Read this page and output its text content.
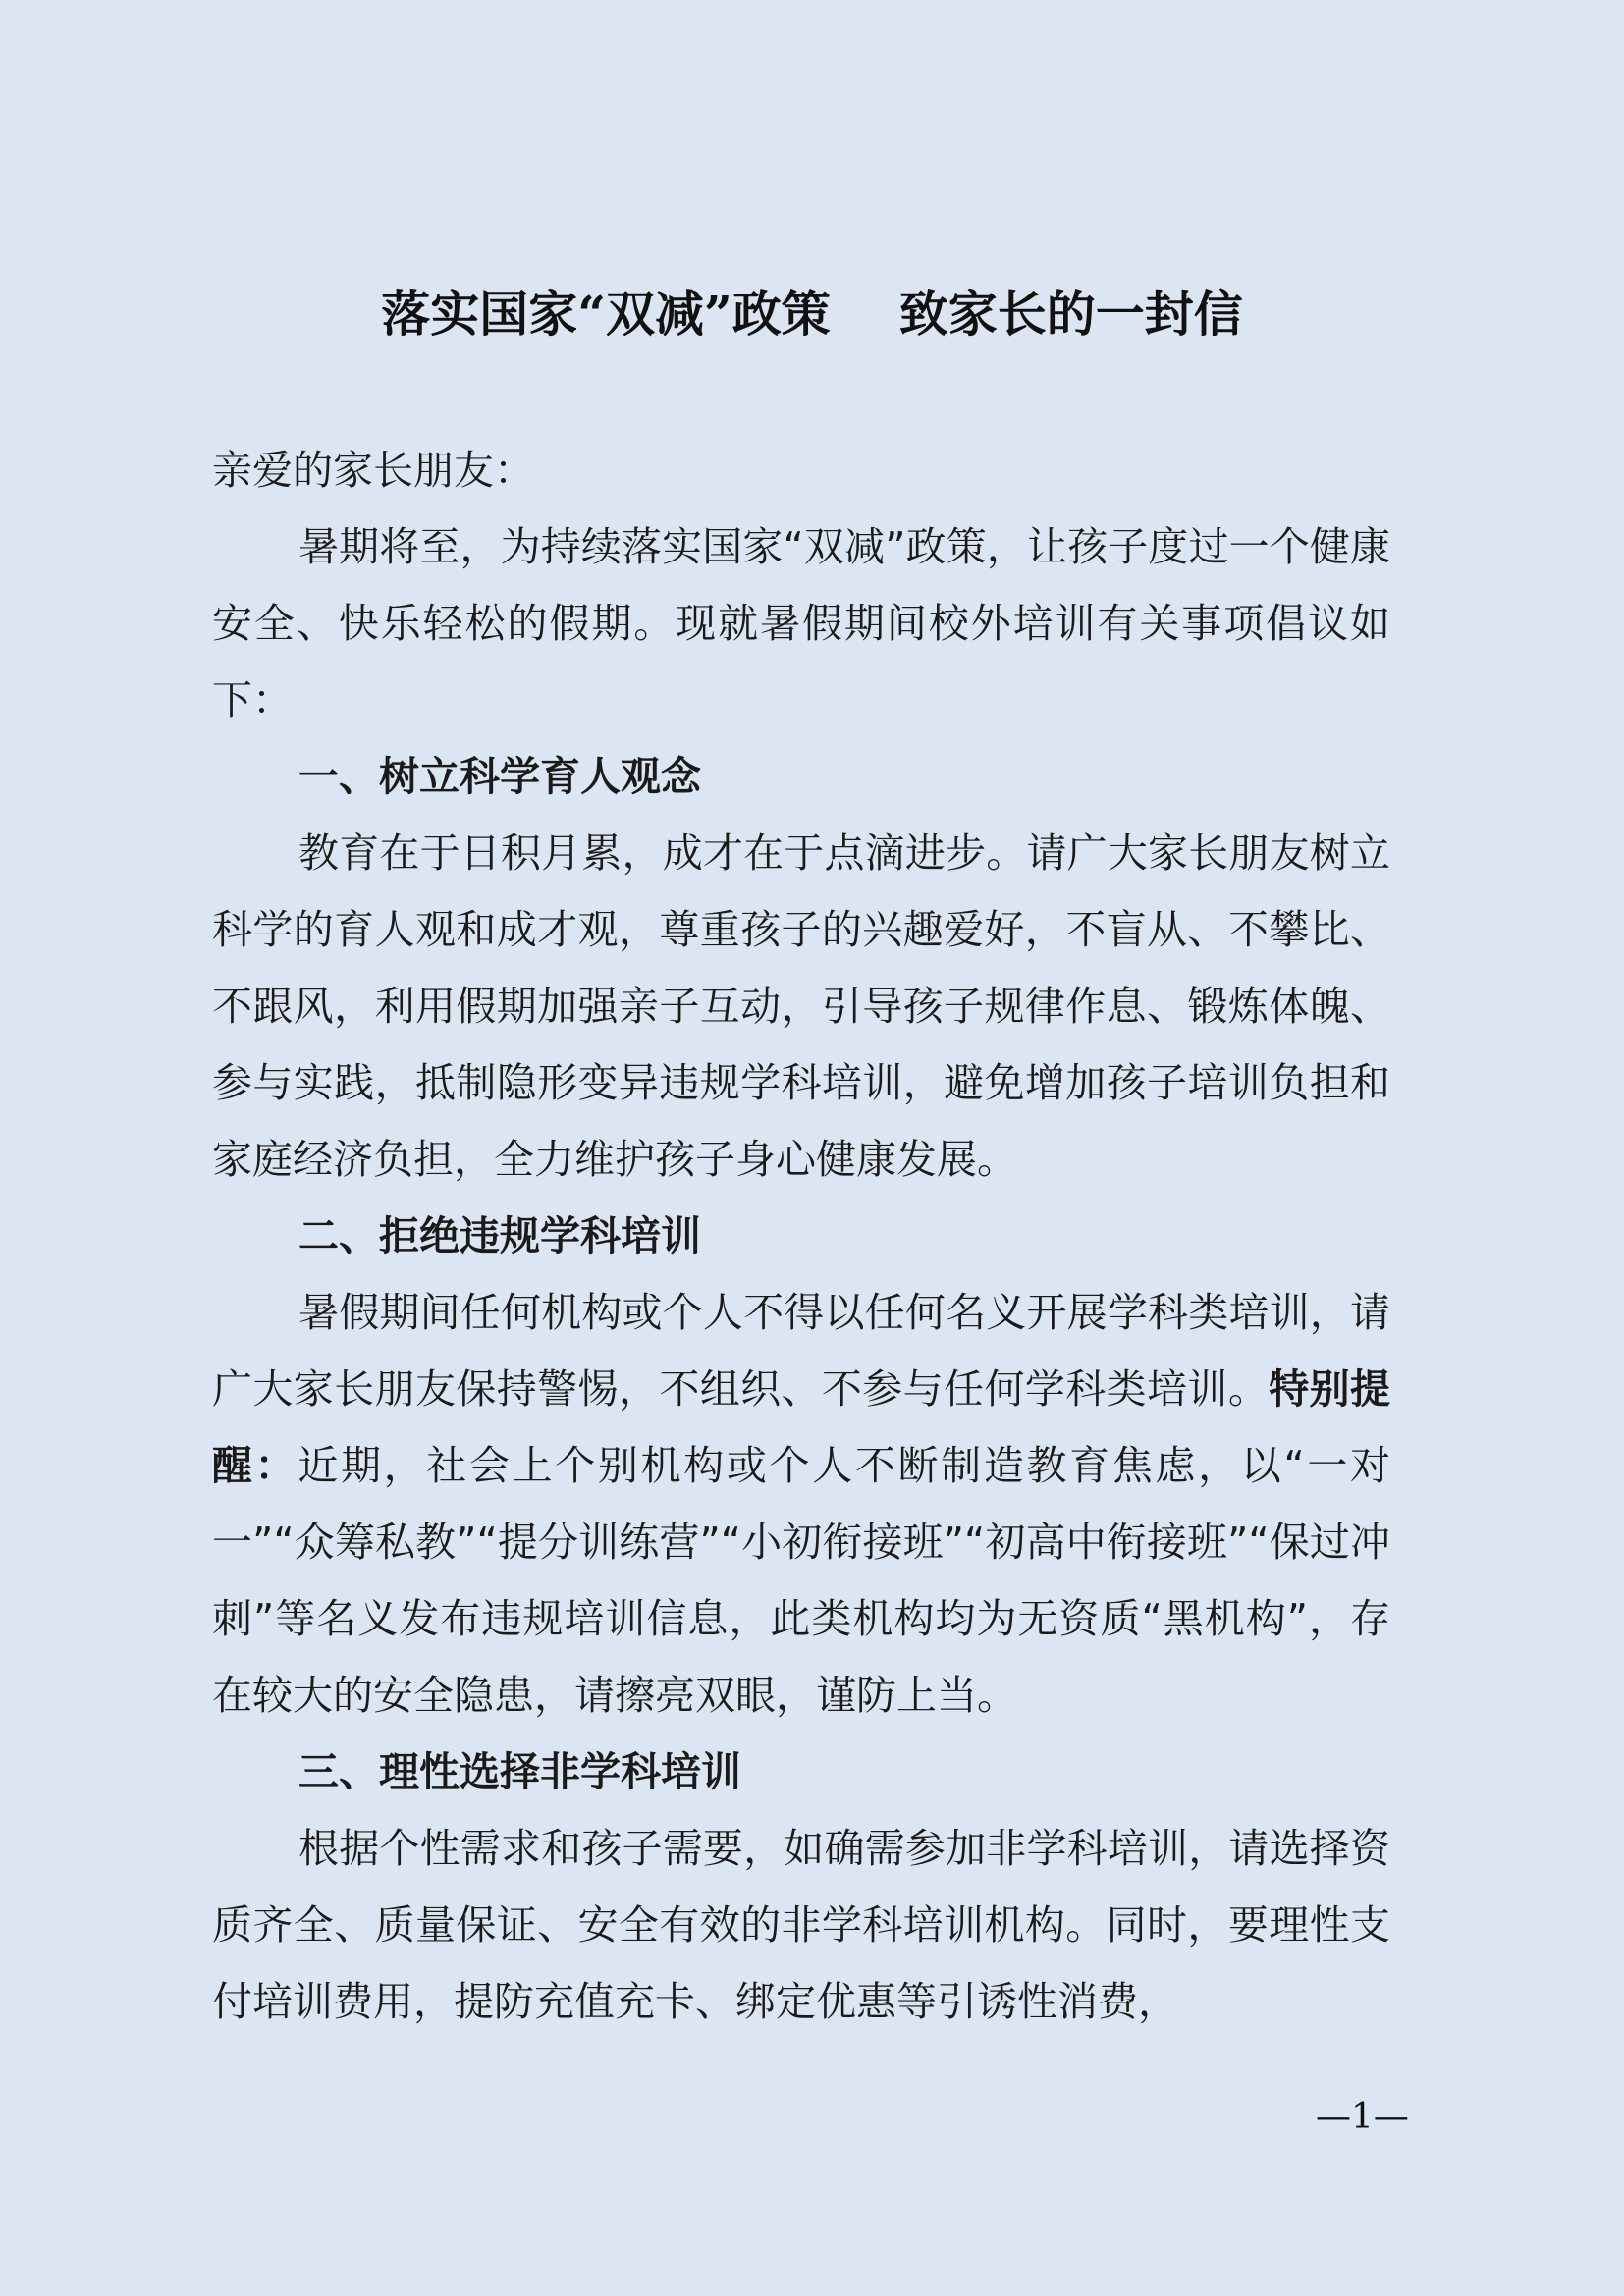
落实国家“双减”政策 致家长的一封信

亲爱的家长朋友：

暑期将至，为持续落实国家“双减”政策，让孩子度过一个健康安全、快乐轻松的假期。现就暑假期间校外培训有关事项倡议如下：

一、树立科学育人观念

教育在于日积月累，成才在于点滴进步。请广大家长朋友树立科学的育人观和成才观，尊重孩子的兴趣爱好，不盲从、不攀比、不跟风，利用假期加强亲子互动，引导孩子规律作息、锻炼体魄、参与实践，抵制隐形变异违规学科培训，避免增加孩子培训负担和家庭经济负担，全力维护孩子身心健康发展。

二、拒绝违规学科培训

暑假期间任何机构或个人不得以任何名义开展学科类培训，请广大家长朋友保持警惕，不组织、不参与任何学科类培训。特别提醒：近期，社会上个别机构或个人不断制造教育焦虑，以“一对一”“众筹私教”“提分训练营”“小初衔接班”“初高中衔接班”“保过冲刺”等名义发布违规培训信息，此类机构均为无资质“黑机构”，存在较大的安全隐患，请擦亮双眼，谨防上当。

三、理性选择非学科培训

根据个性需求和孩子需要，如确需参加非学科培训，请选择资质齐全、质量保证、安全有效的非学科培训机构。同时，要理性支付培训费用，提防充值充卡、绑定优惠等引诱性消费，

—1—
